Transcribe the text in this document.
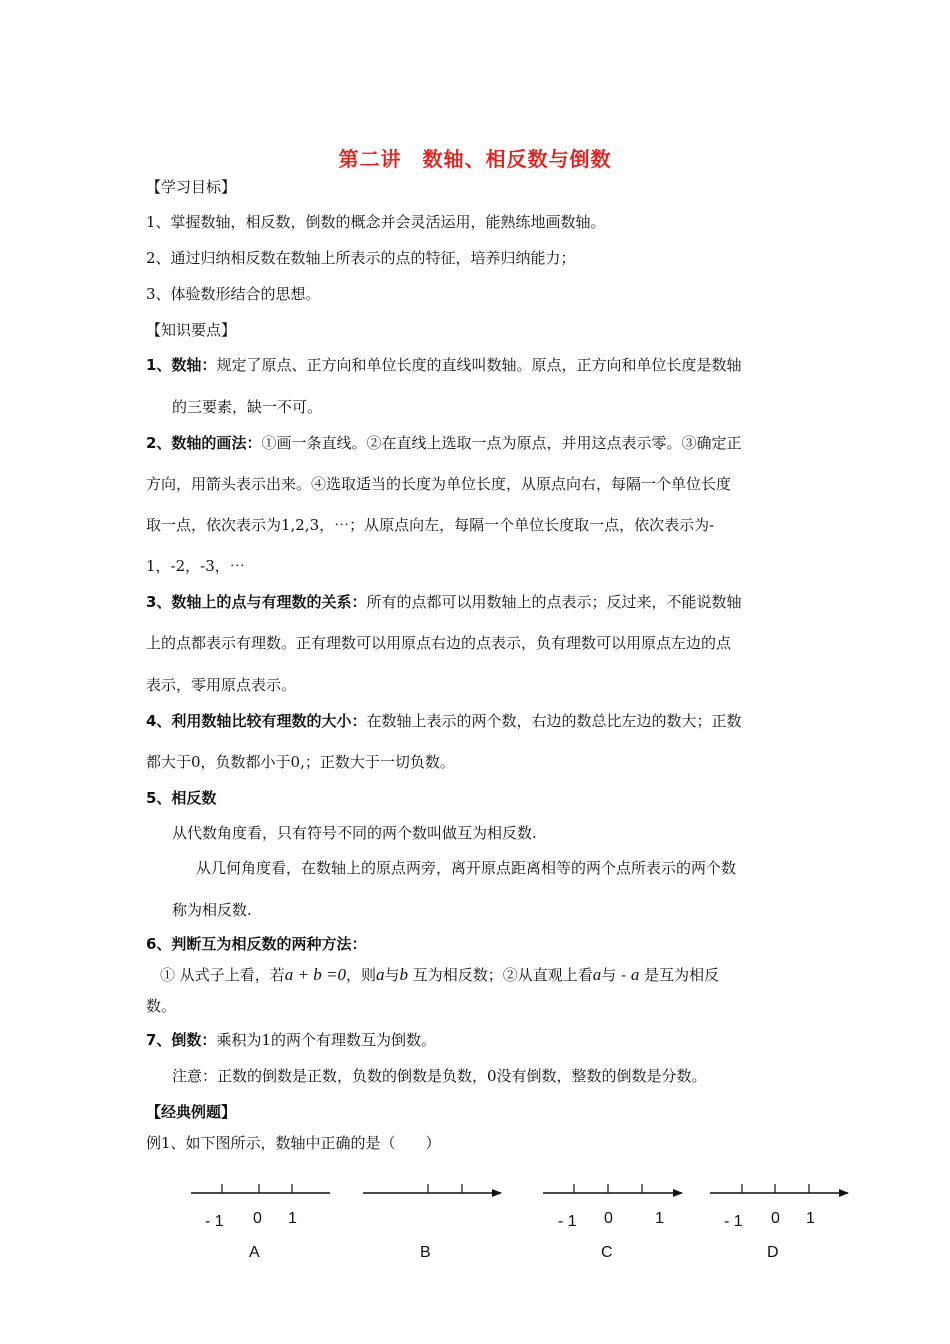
第二讲　数轴、相反数与倒数
【学习目标】
1、掌握数轴，相反数，倒数的概念并会灵活运用，能熟练地画数轴。
2、通过归纳相反数在数轴上所表示的点的特征，培养归纳能力；
3、体验数形结合的思想。
【知识要点】
1、数轴：规定了原点、正方向和单位长度的直线叫数轴。原点，正方向和单位长度是数轴
的三要素，缺一不可。
2、数轴的画法：①画一条直线。②在直线上选取一点为原点，并用这点表示零。③确定正
方向，用箭头表示出来。④选取适当的长度为单位长度，从原点向右，每隔一个单位长度
取一点，依次表示为1,2,3，⋯；从原点向左，每隔一个单位长度取一点，依次表示为-
1，-2，-3，⋯
3、数轴上的点与有理数的关系：所有的点都可以用数轴上的点表示；反过来，不能说数轴
上的点都表示有理数。正有理数可以用原点右边的点表示，负有理数可以用原点左边的点
表示，零用原点表示。
4、利用数轴比较有理数的大小：在数轴上表示的两个数，右边的数总比左边的数大；正数
都大于0，负数都小于0,；正数大于一切负数。
5、相反数
从代数角度看，只有符号不同的两个数叫做互为相反数.
从几何角度看，在数轴上的原点两旁，离开原点距离相等的两个点所表示的两个数
称为相反数.
6、判断互为相反数的两种方法：
① 从式子上看，若a + b =0，则a与b 互为相反数；②从直观上看a与 - a 是互为相反
数。
7、倒数：乘积为1的两个有理数互为倒数。
注意：正数的倒数是正数，负数的倒数是负数，0没有倒数，整数的倒数是分数。
【经典例题】
例1、如下图所示，数轴中正确的是（　　）
- 1 0 1	- 1 0	1	- 1 0 1
A	B	C	D
